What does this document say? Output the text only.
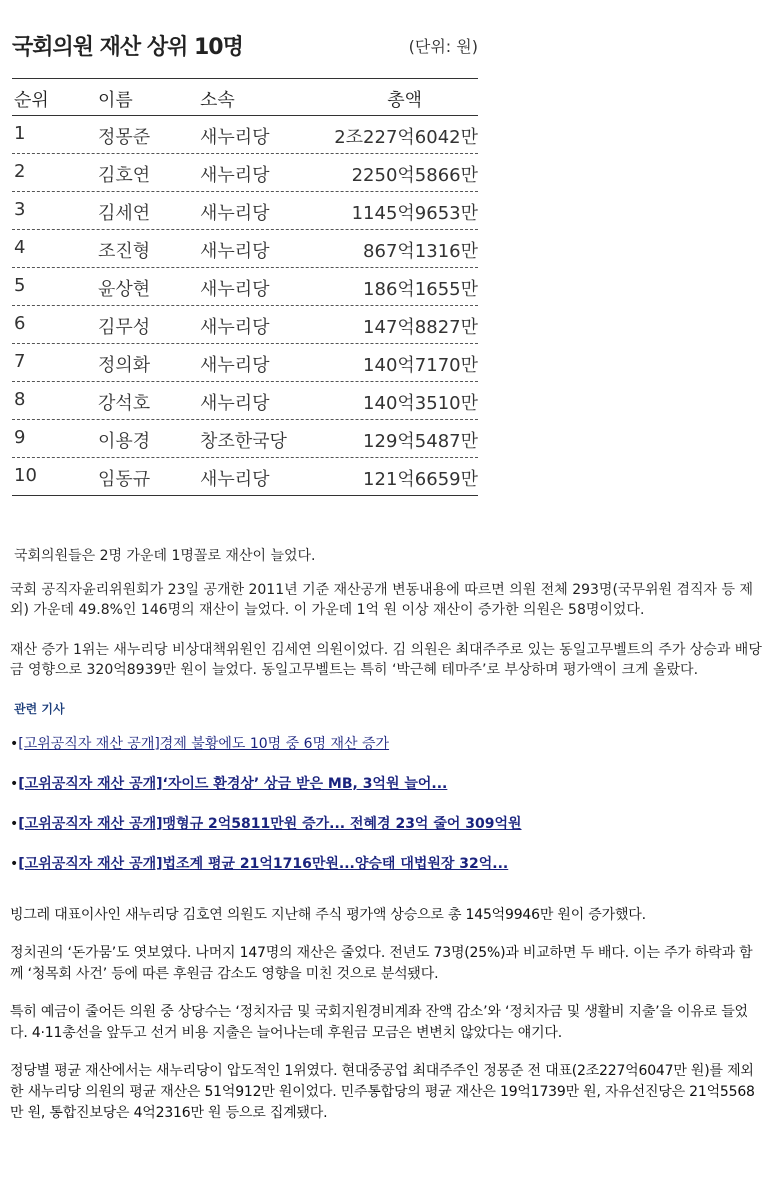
국회의원 재산 상위 10명	(단위: 원)
순위	이름	소속	총액
1	정몽준	새누리당	2조227억6042만
2	김호연	새누리당	2250억5866만
3	김세연	새누리당	1145억9653만
4	조진형	새누리당	867억1316만
5	윤상현	새누리당	186억1655만
6	김무성	새누리당	147억8827만
7	정의화	새누리당	140억7170만
8	강석호	새누리당	140억3510만
9	이용경	창조한국당	129억5487만
10	임동규	새누리당	121억6659만

국회의원들은 2명 가운데 1명꼴로 재산이 늘었다.

국회 공직자윤리위원회가 23일 공개한 2011년 기준 재산공개 변동내용에 따르면 의원 전체 293명(국무위원 겸직자 등 제외) 가운데 49.8%인 146명의 재산이 늘었다. 이 가운데 1억 원 이상 재산이 증가한 의원은 58명이었다.

재산 증가 1위는 새누리당 비상대책위원인 김세연 의원이었다. 김 의원은 최대주주로 있는 동일고무벨트의 주가 상승과 배당금 영향으로 320억8939만 원이 늘었다. 동일고무벨트는 특히 ‘박근혜 테마주’로 부상하며 평가액이 크게 올랐다.

관련 기사
•[고위공직자 재산 공개]경제 불황에도 10명 중 6명 재산 증가
•[고위공직자 재산 공개]‘자이드 환경상’ 상금 받은 MB, 3억원 늘어...
•[고위공직자 재산 공개]맹형규 2억5811만원 증가... 전혜경 23억 줄어 309억원
•[고위공직자 재산 공개]법조계 평균 21억1716만원...양승태 대법원장 32억...

빙그레 대표이사인 새누리당 김호연 의원도 지난해 주식 평가액 상승으로 총 145억9946만 원이 증가했다.

정치권의 ‘돈가뭄’도 엿보였다. 나머지 147명의 재산은 줄었다. 전년도 73명(25%)과 비교하면 두 배다. 이는 주가 하락과 함께 ‘청목회 사건’ 등에 따른 후원금 감소도 영향을 미친 것으로 분석됐다.

특히 예금이 줄어든 의원 중 상당수는 ‘정치자금 및 국회지원경비계좌 잔액 감소’와 ‘정치자금 및 생활비 지출’을 이유로 들었다. 4·11총선을 앞두고 선거 비용 지출은 늘어나는데 후원금 모금은 변변치 않았다는 얘기다.

정당별 평균 재산에서는 새누리당이 압도적인 1위였다. 현대중공업 최대주주인 정몽준 전 대표(2조227억6047만 원)를 제외한 새누리당 의원의 평균 재산은 51억912만 원이었다. 민주통합당의 평균 재산은 19억1739만 원, 자유선진당은 21억5568만 원, 통합진보당은 4억2316만 원 등으로 집계됐다.
